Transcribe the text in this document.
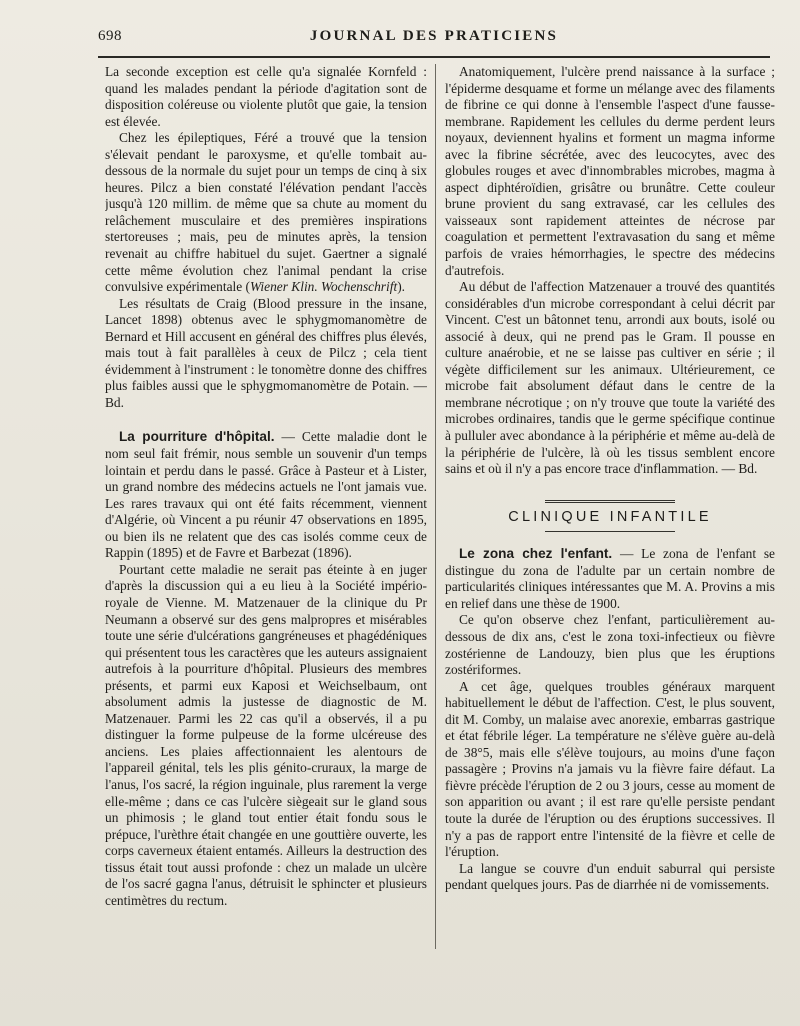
698	JOURNAL DES PRATICIENS

La seconde exception est celle qu'a signalée Kornfeld : quand les malades pendant la période d'agitation sont de disposition coléreuse ou violente plutôt que gaie, la tension est élevée.

Chez les épileptiques, Féré a trouvé que la tension s'élevait pendant le paroxysme, et qu'elle tombait au-dessous de la normale du sujet pour un temps de cinq à six heures. Pilcz a bien constaté l'élévation pendant l'accès jusqu'à 120 millim. de même que sa chute au moment du relâchement musculaire et des premières inspirations stertoreuses ; mais, peu de minutes après, la tension revenait au chiffre habituel du sujet. Gaertner a signalé cette même évolution chez l'animal pendant la crise convulsive expérimentale (Wiener Klin. Wochenschrift).

Les résultats de Craig (Blood pressure in the insane, Lancet 1898) obtenus avec le sphygmomanomètre de Bernard et Hill accusent en général des chiffres plus élevés, mais tout à fait parallèles à ceux de Pilcz ; cela tient évidemment à l'instrument : le tonomètre donne des chiffres plus faibles aussi que le sphygmomanomètre de Potain. — Bd.

La pourriture d'hôpital. — Cette maladie dont le nom seul fait frémir, nous semble un souvenir d'un temps lointain et perdu dans le passé. Grâce à Pasteur et à Lister, un grand nombre des médecins actuels ne l'ont jamais vue. Les rares travaux qui ont été faits récemment, viennent d'Algérie, où Vincent a pu réunir 47 observations en 1895, ou bien ils ne relatent que des cas isolés comme ceux de Rappin (1895) et de Favre et Barbezat (1896).

Pourtant cette maladie ne serait pas éteinte à en juger d'après la discussion qui a eu lieu à la Société império-royale de Vienne. M. Matzenauer de la clinique du Pr Neumann a observé sur des gens malpropres et misérables toute une série d'ulcérations gangréneuses et phagédéniques qui présentent tous les caractères que les auteurs assignaient autrefois à la pourriture d'hôpital. Plusieurs des membres présents, et parmi eux Kaposi et Weichselbaum, ont absolument admis la justesse de diagnostic de M. Matzenauer. Parmi les 22 cas qu'il a observés, il a pu distinguer la forme pulpeuse de la forme ulcéreuse des anciens. Les plaies affectionnaient les alentours de l'appareil génital, tels les plis génito-cruraux, la marge de l'anus, l'os sacré, la région inguinale, plus rarement la verge elle-même ; dans ce cas l'ulcère siègeait sur le gland sous un phimosis ; le gland tout entier était fondu sous le prépuce, l'urèthre était changée en une gouttière ouverte, les corps caverneux étaient entamés. Ailleurs la destruction des tissus était tout aussi profonde : chez un malade un ulcère de l'os sacré gagna l'anus, détruisit le sphincter et plusieurs centimètres du rectum.

Anatomiquement, l'ulcère prend naissance à la surface ; l'épiderme desquame et forme un mélange avec des filaments de fibrine ce qui donne à l'ensemble l'aspect d'une fausse-membrane. Rapidement les cellules du derme perdent leurs noyaux, deviennent hyalins et forment un magma informe avec la fibrine sécrétée, avec des leucocytes, avec des globules rouges et avec d'innombrables microbes, magma à aspect diphtéroïdien, grisâtre ou brunâtre. Cette couleur brune provient du sang extravasé, car les cellules des vaisseaux sont rapidement atteintes de nécrose par coagulation et permettent l'extravasation du sang et même parfois de vraies hémorrhagies, le spectre des médecins d'autrefois.

Au début de l'affection Matzenauer a trouvé des quantités considérables d'un microbe correspondant à celui décrit par Vincent. C'est un bâtonnet tenu, arrondi aux bouts, isolé ou associé à deux, qui ne prend pas le Gram. Il pousse en culture anaérobie, et ne se laisse pas cultiver en série ; il végète difficilement sur les animaux. Ultérieurement, ce microbe fait absolument défaut dans le centre de la membrane nécrotique ; on n'y trouve que toute la variété des microbes ordinaires, tandis que le germe spécifique continue à pulluler avec abondance à la périphérie et même au-delà de la périphérie de l'ulcère, là où les tissus semblent encore sains et où il n'y a pas encore trace d'inflammation. — Bd.

CLINIQUE INFANTILE

Le zona chez l'enfant. — Le zona de l'enfant se distingue du zona de l'adulte par un certain nombre de particularités cliniques intéressantes que M. A. Provins a mis en relief dans une thèse de 1900.

Ce qu'on observe chez l'enfant, particulièrement au-dessous de dix ans, c'est le zona toxi-infectieux ou fièvre zostérienne de Landouzy, bien plus que les éruptions zostériformes.

A cet âge, quelques troubles généraux marquent habituellement le début de l'affection. C'est, le plus souvent, dit M. Comby, un malaise avec anorexie, embarras gastrique et état fébrile léger. La température ne s'élève guère au-delà de 38°5, mais elle s'élève toujours, au moins d'une façon passagère ; Provins n'a jamais vu la fièvre faire défaut. La fièvre précède l'éruption de 2 ou 3 jours, cesse au moment de son apparition ou avant ; il est rare qu'elle persiste pendant toute la durée de l'éruption ou des éruptions successives. Il n'y a pas de rapport entre l'intensité de la fièvre et celle de l'éruption.

La langue se couvre d'un enduit saburral qui persiste pendant quelques jours. Pas de diarrhée ni de vomissements.
